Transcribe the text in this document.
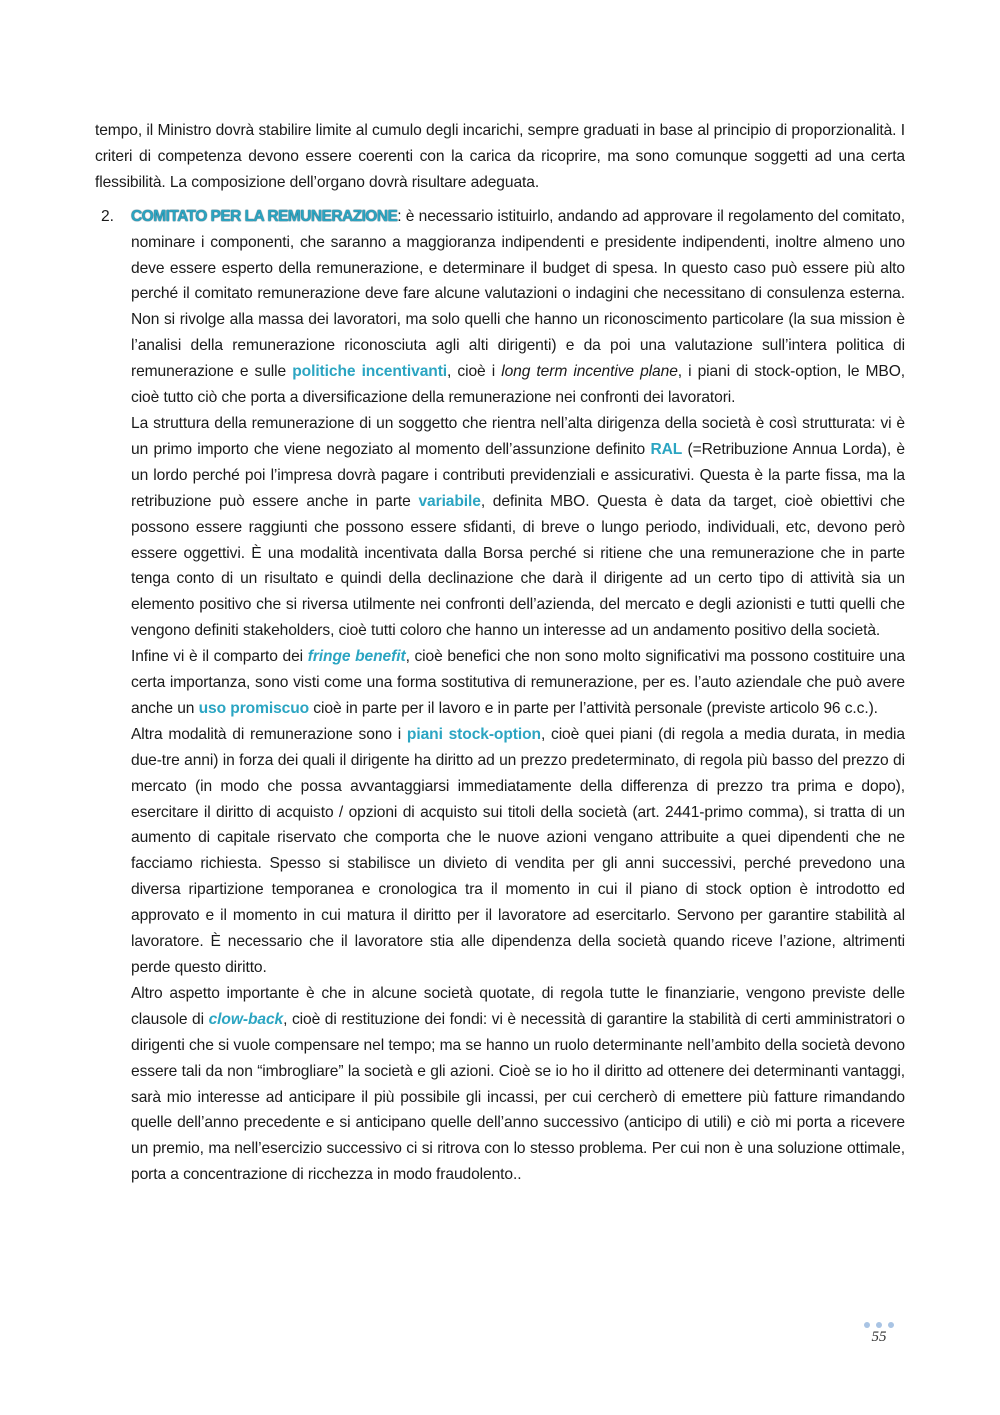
tempo, il Ministro dovrà stabilire limite al cumulo degli incarichi, sempre graduati in base al principio di proporzionalità. I criteri di competenza devono essere coerenti con la carica da ricoprire, ma sono comunque soggetti ad una certa flessibilità. La composizione dell’organo dovrà risultare adeguata.

2.	COMITATO PER LA REMUNERAZIONE: è necessario istituirlo, andando ad approvare il regolamento del comitato, nominare i componenti, che saranno a maggioranza indipendenti e presidente indipendenti, inoltre almeno uno deve essere esperto della remunerazione, e determinare il budget di spesa. In questo caso può essere più alto perché il comitato remunerazione deve fare alcune valutazioni o indagini che necessitano di consulenza esterna. Non si rivolge alla massa dei lavoratori, ma solo quelli che hanno un riconoscimento particolare (la sua mission è l’analisi della remunerazione riconosciuta agli alti dirigenti) e da poi una valutazione sull’intera politica di remunerazione e sulle politiche incentivanti, cioè i long term incentive plane, i piani di stock-option, le MBO, cioè tutto ciò che porta a diversificazione della remunerazione nei confronti dei lavoratori.

La struttura della remunerazione di un soggetto che rientra nell’alta dirigenza della società è così strutturata: vi è un primo importo che viene negoziato al momento dell’assunzione definito RAL (=Retribuzione Annua Lorda), è un lordo perché poi l’impresa dovrà pagare i contributi previdenziali e assicurativi. Questa è la parte fissa, ma la retribuzione può essere anche in parte variabile, definita MBO. Questa è data da target, cioè obiettivi che possono essere raggiunti che possono essere sfidanti, di breve o lungo periodo, individuali, etc, devono però essere oggettivi. È una modalità incentivata dalla Borsa perché si ritiene che una remunerazione che in parte tenga conto di un risultato e quindi della declinazione che darà il dirigente ad un certo tipo di attività sia un elemento positivo che si riversa utilmente nei confronti dell’azienda, del mercato e degli azionisti e tutti quelli che vengono definiti stakeholders, cioè tutti coloro che hanno un interesse ad un andamento positivo della società.

Infine vi è il comparto dei fringe benefit, cioè benefici che non sono molto significativi ma possono costituire una certa importanza, sono visti come una forma sostitutiva di remunerazione, per es. l’auto aziendale che può avere anche un uso promiscuo cioè in parte per il lavoro e in parte per l’attività personale (previste articolo 96 c.c.).

Altra modalità di remunerazione sono i piani stock-option, cioè quei piani (di regola a media durata, in media due-tre anni) in forza dei quali il dirigente ha diritto ad un prezzo predeterminato, di regola più basso del prezzo di mercato (in modo che possa avvantaggiarsi immediatamente della differenza di prezzo tra prima e dopo), esercitare il diritto di acquisto / opzioni di acquisto sui titoli della società (art. 2441-primo comma), si tratta di un aumento di capitale riservato che comporta che le nuove azioni vengano attribuite a quei dipendenti che ne facciamo richiesta. Spesso si stabilisce un divieto di vendita per gli anni successivi, perché prevedono una diversa ripartizione temporanea e cronologica tra il momento in cui il piano di stock option è introdotto ed approvato e il momento in cui matura il diritto per il lavoratore ad esercitarlo. Servono per garantire stabilità al lavoratore. È necessario che il lavoratore stia alle dipendenza della società quando riceve l’azione, altrimenti perde questo diritto.

Altro aspetto importante è che in alcune società quotate, di regola tutte le finanziarie, vengono previste delle clausole di clow-back, cioè di restituzione dei fondi: vi è necessità di garantire la stabilità di certi amministratori o dirigenti che si vuole compensare nel tempo; ma se hanno un ruolo determinante nell’ambito della società devono essere tali da non “imbrogliare” la società e gli azioni. Cioè se io ho il diritto ad ottenere dei determinanti vantaggi, sarà mio interesse ad anticipare il più possibile gli incassi, per cui cercherò di emettere più fatture rimandando quelle dell’anno precedente e si anticipano quelle dell’anno successivo (anticipo di utili) e ciò mi porta a ricevere un premio, ma nell’esercizio successivo ci si ritrova con lo stesso problema. Per cui non è una soluzione ottimale, porta a concentrazione di ricchezza in modo fraudolento..

55
